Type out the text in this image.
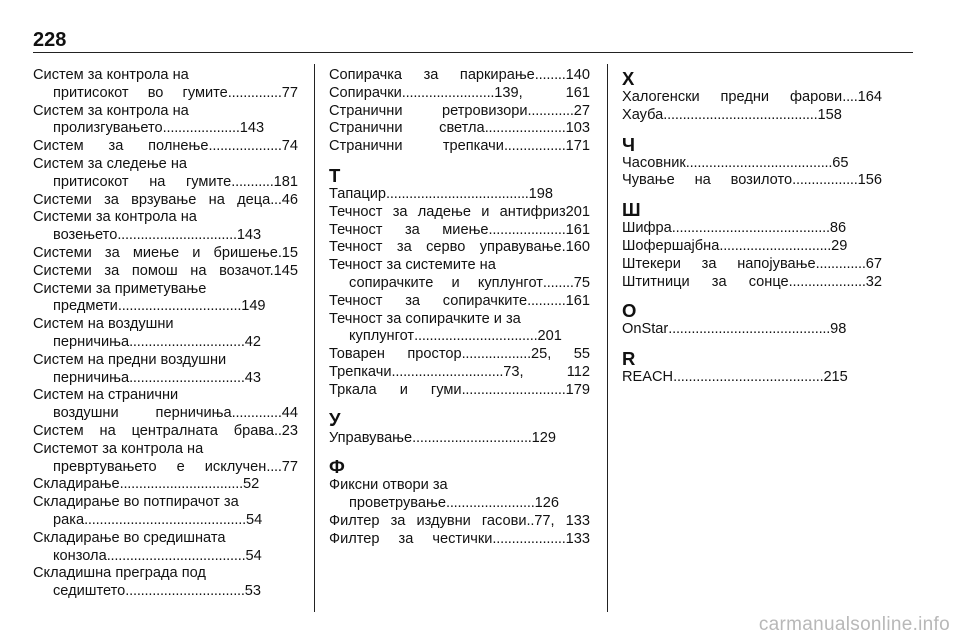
228
Систем за контрола на
притисокот во гумите..............77
Систем за контрола на
пролизгувањето....................143
Систем за полнење...................74
Систем за следење на
притисокот на гумите...........181
Системи за врзување на деца...46
Системи за контрола на
возењето...............................143
Системи за миење и бришење.15
Системи за помош на возачот.145
Системи за приметување
предмети................................149
Систем на воздушни
перничиња..............................42
Систем на предни воздушни
перничиња..............................43
Систем на странични
воздушни перничиња.............44
Систем на централната брава..23
Системот за контрола на
превртувањето е исклучен....77
Складирање................................52
Складирање во потпирачот за
рака..........................................54
Складирање во средишната
конзола....................................54
Складишна преграда под
седиштето...............................53
Сопирачка за паркирање........140
Сопирачки........................139, 161
Странични ретровизори............27
Странични светла.....................103
Странични трепкачи................171
Т
Тапацир.....................................198
Течност за ладење и антифриз201
Течност за миење....................161
Течност за серво управување.160
Течност за системите на
сопирачките и куплунгот........75
Течност за сопирачките..........161
Течност за сопирачките и за
куплунгот................................201
Товарен простор..................25, 55
Трепкачи.............................73, 112
Тркала и гуми...........................179
У
Управување...............................129
Ф
Фиксни отвори за
проветрување.......................126
Филтер за издувни гасови..77, 133
Филтер за честички...................133
Х
Халогенски предни фарови....164
Хауба........................................158
Ч
Часовник......................................65
Чување на возилото.................156
Ш
Шифра.........................................86
Шофершајбна.............................29
Штекери за напојување.............67
Штитници за сонце....................32
O
OnStar..........................................98
R
REACH.......................................215
carmanualsonline.info
